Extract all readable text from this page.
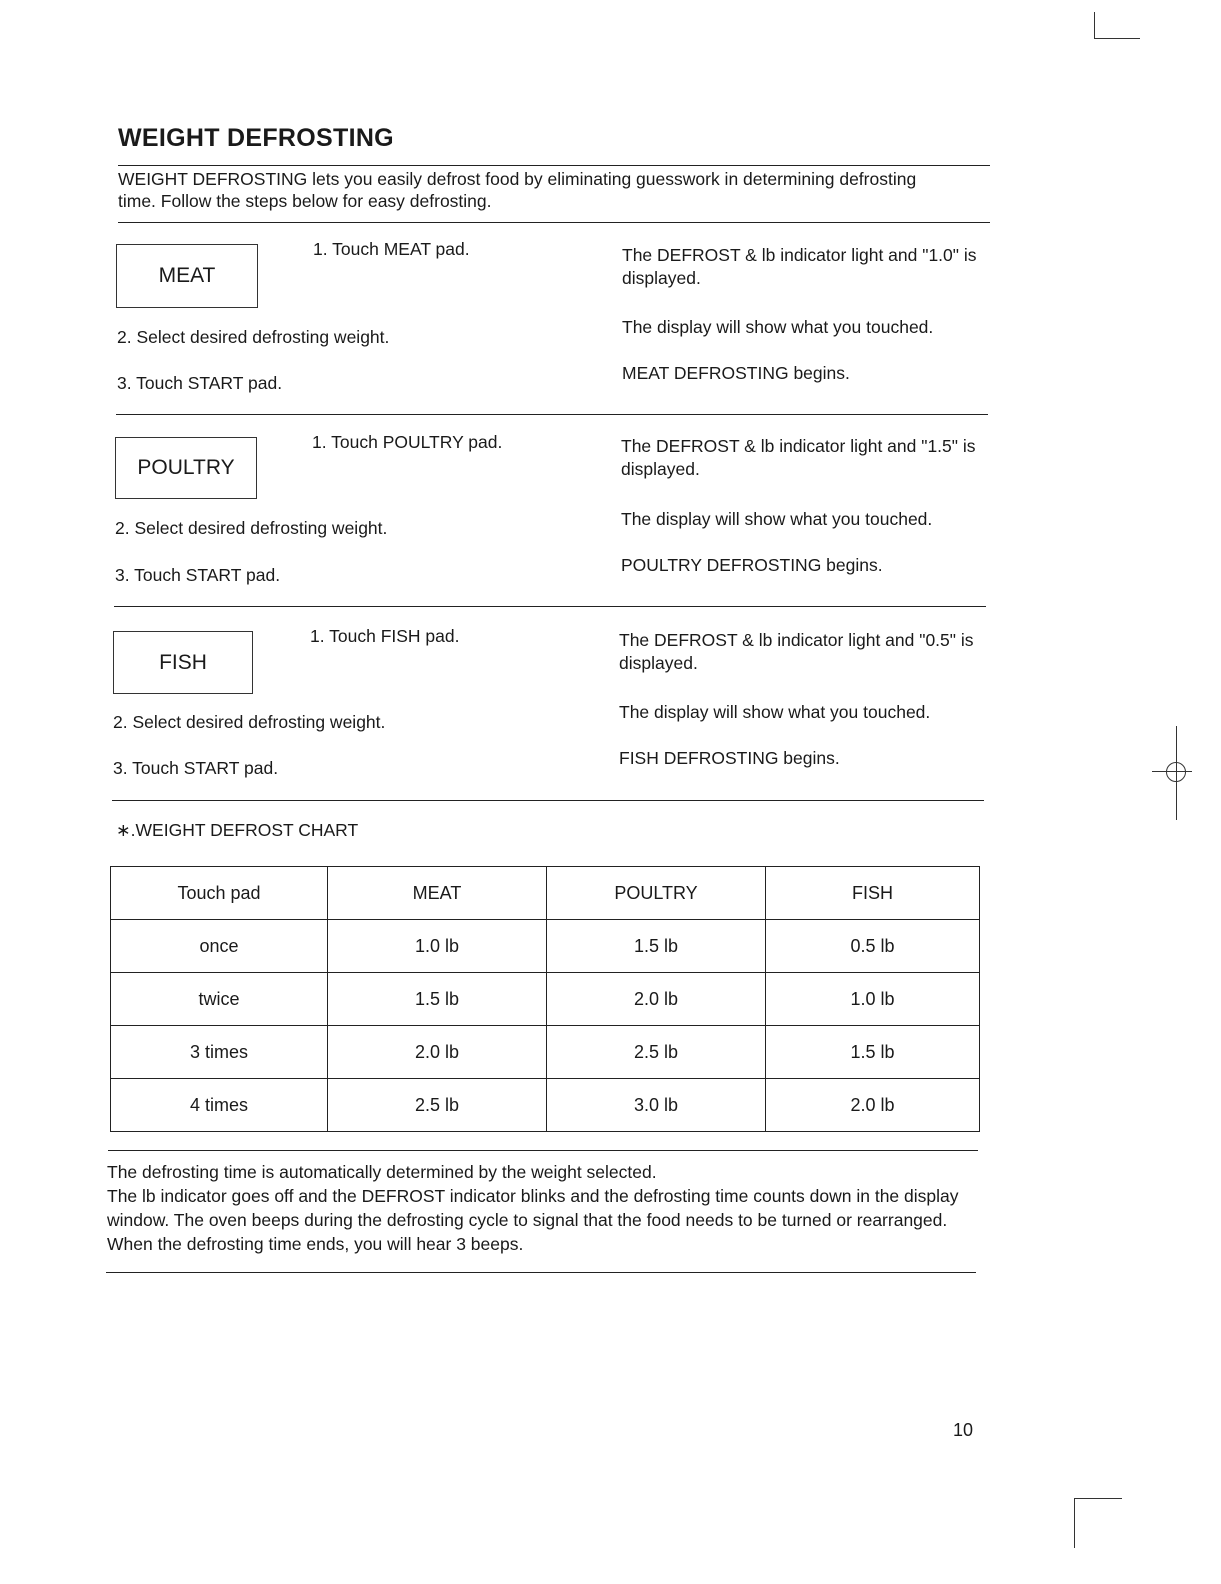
WEIGHT DEFROSTING
WEIGHT DEFROSTING lets you easily defrost food by eliminating guesswork in determining defrosting time. Follow the steps below for easy defrosting.
MEAT
1. Touch MEAT pad.
2. Select desired defrosting weight.
3. Touch START pad.
The DEFROST & lb indicator light and "1.0" is displayed.
The display will show what you touched.
MEAT DEFROSTING begins.
POULTRY
1. Touch POULTRY pad.
2. Select desired defrosting weight.
3. Touch START pad.
The DEFROST & lb indicator light and "1.5" is displayed.
The display will show what you touched.
POULTRY DEFROSTING begins.
FISH
1. Touch FISH pad.
2. Select desired defrosting weight.
3. Touch START pad.
The DEFROST & lb indicator light and "0.5" is displayed.
The display will show what you touched.
FISH DEFROSTING begins.
∗.WEIGHT DEFROST CHART
Touch pad	MEAT	POULTRY	FISH
once	1.0 lb	1.5 lb	0.5 lb
twice	1.5 lb	2.0 lb	1.0 lb
3 times	2.0 lb	2.5 lb	1.5 lb
4 times	2.5 lb	3.0 lb	2.0 lb
The defrosting time is automatically determined by the weight selected.
The lb indicator goes off and the DEFROST indicator blinks and the defrosting time counts down in the display window. The oven beeps during the defrosting cycle to signal that the food needs to be turned or rearranged. When the defrosting time ends, you will hear 3 beeps.
10
